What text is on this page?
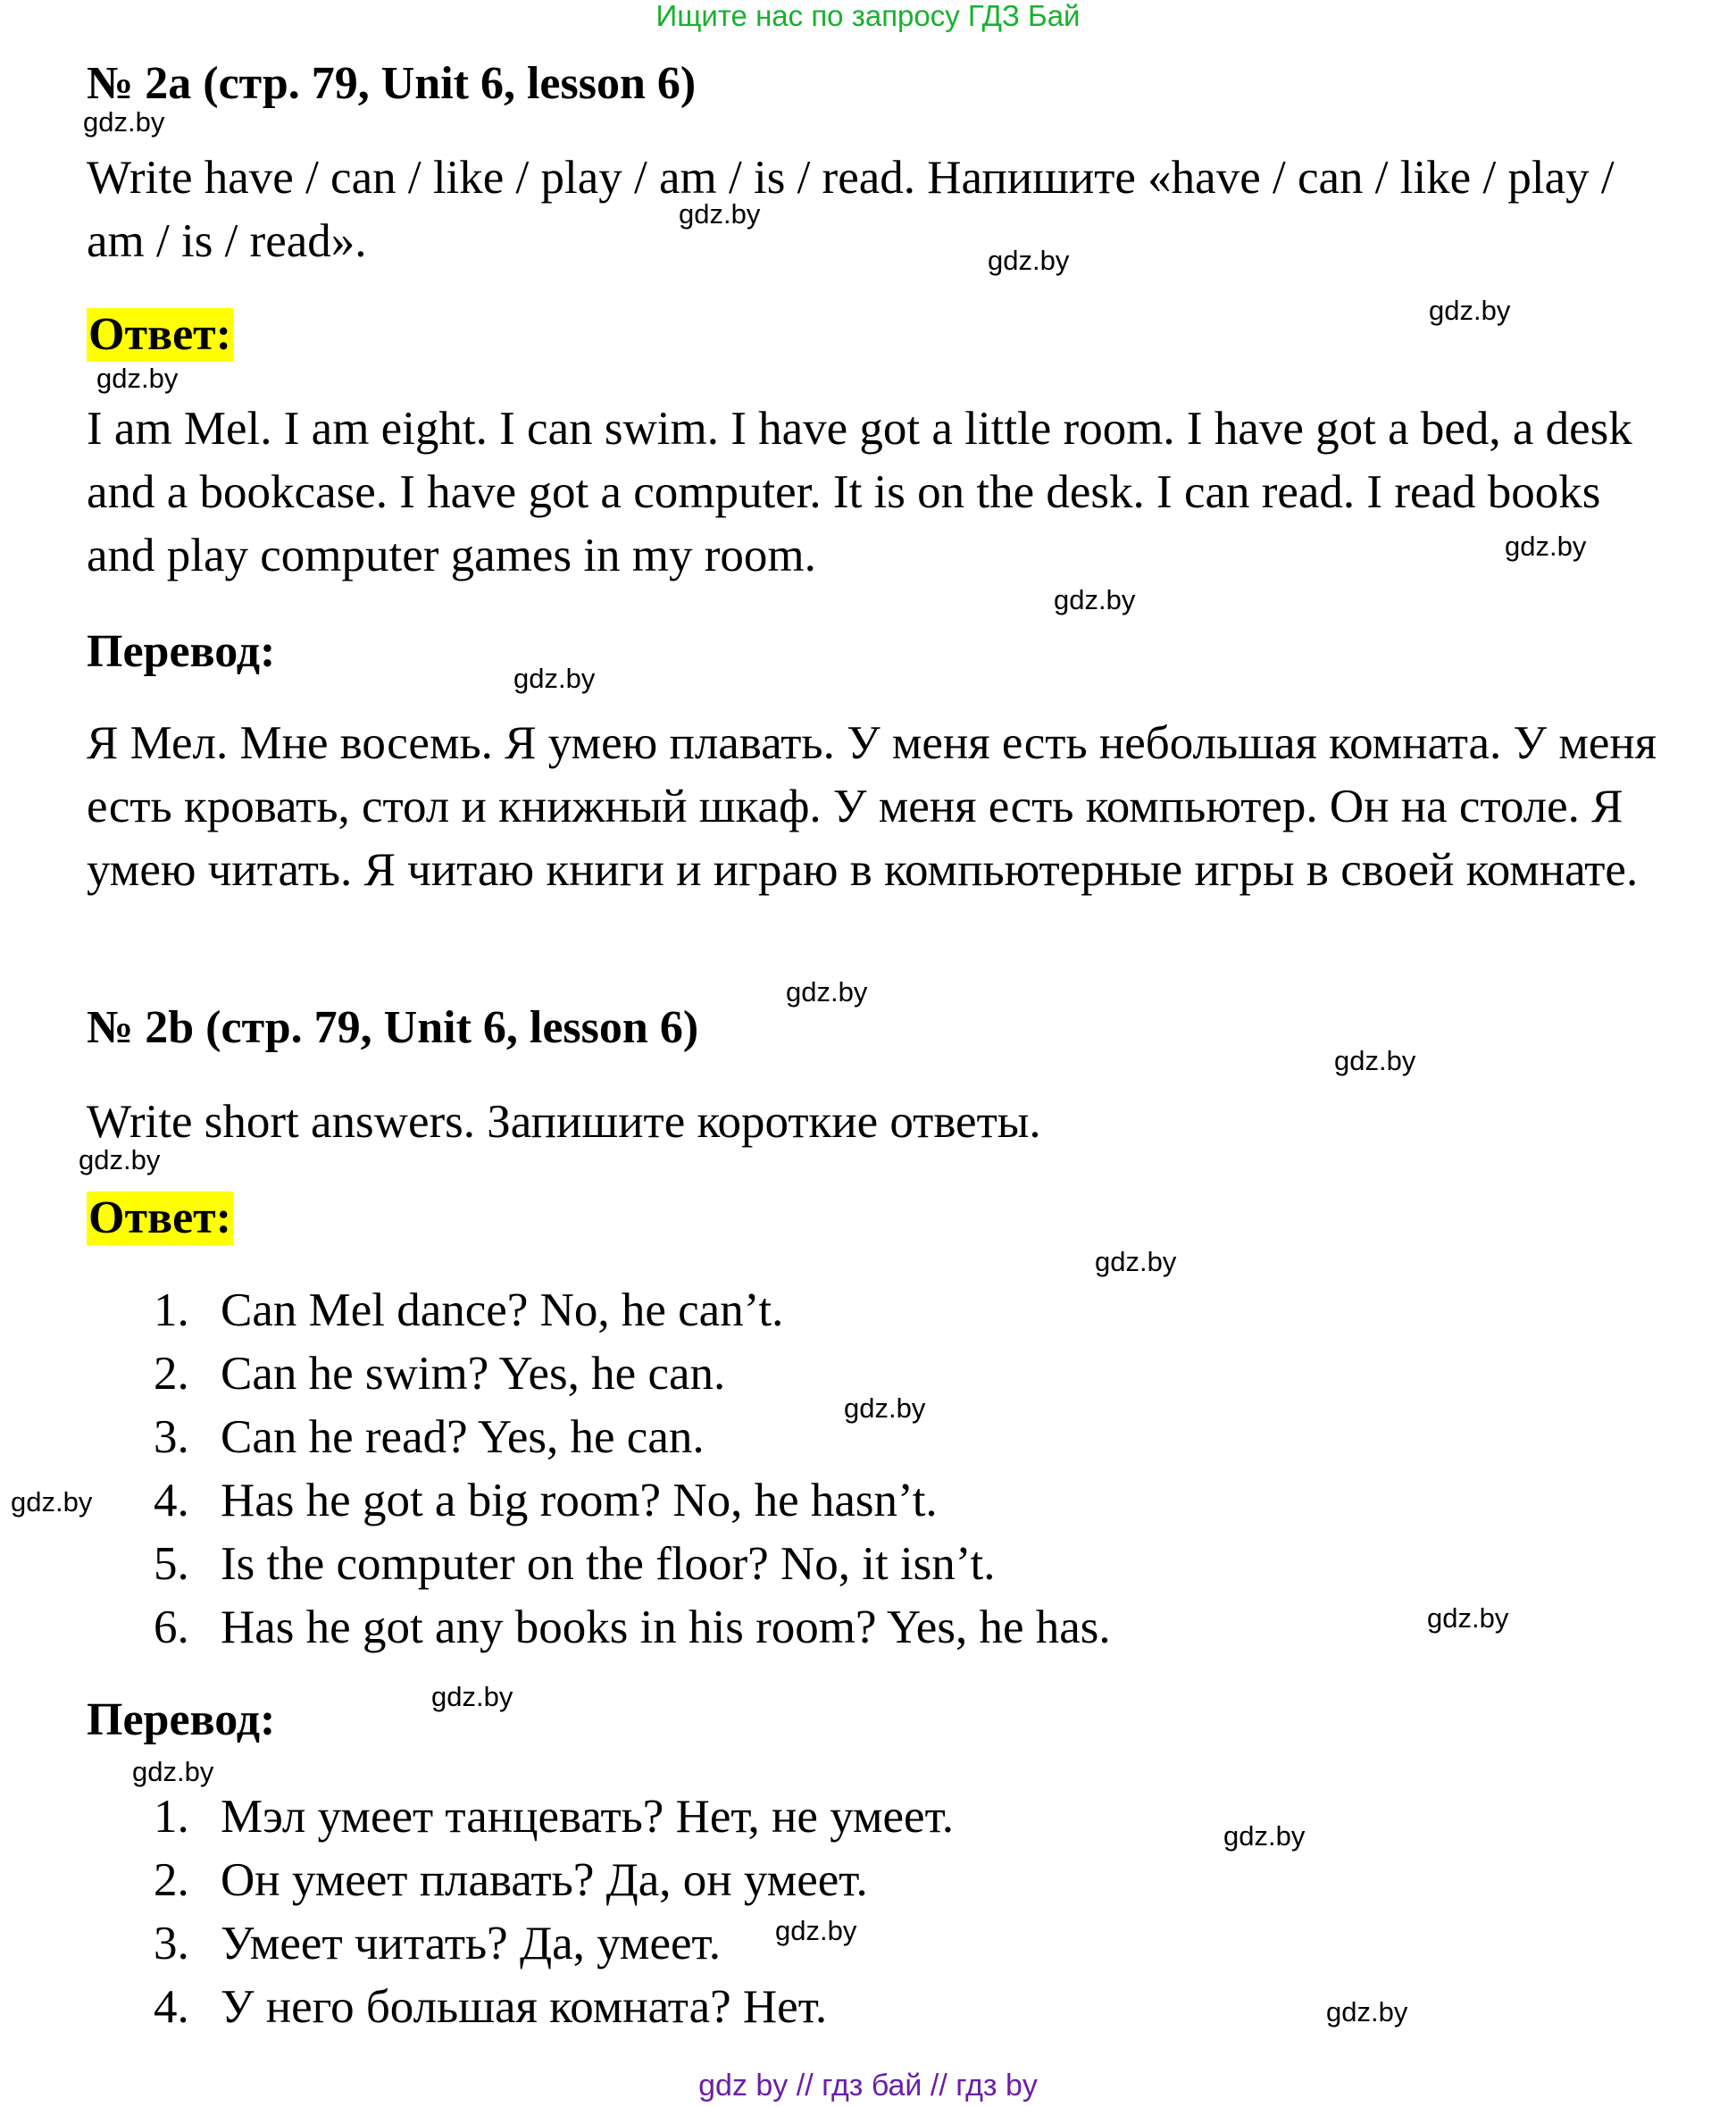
Ищите нас по запросу ГДЗ Бай
№ 2a (стр. 79, Unit 6, lesson 6)
Write have / can / like / play / am / is / read. Напишите «have / can / like / play / am / is / read».
Ответ:
I am Mel. I am eight. I can swim. I have got a little room. I have got a bed, a desk and a bookcase. I have got a computer. It is on the desk. I can read. I read books and play computer games in my room.
Перевод:
Я Мел. Мне восемь. Я умею плавать. У меня есть небольшая комната. У меня есть кровать, стол и книжный шкаф. У меня есть компьютер. Он на столе. Я умею читать. Я читаю книги и играю в компьютерные игры в своей комнате.
№ 2b (стр. 79, Unit 6, lesson 6)
Write short answers. Запишите короткие ответы.
Ответ:
1. Can Mel dance? No, he can’t.
2. Can he swim? Yes, he can.
3. Can he read? Yes, he can.
4. Has he got a big room? No, he hasn’t.
5. Is the computer on the floor? No, it isn’t.
6. Has he got any books in his room? Yes, he has.
Перевод:
1. Мэл умеет танцевать? Нет, не умеет.
2. Он умеет плавать? Да, он умеет.
3. Умеет читать? Да, умеет.
4. У него большая комната? Нет.
gdz.by
gdz.by
gdz.by
gdz.by
gdz.by
gdz.by
gdz.by
gdz.by
gdz.by
gdz.by
gdz.by
gdz.by
gdz.by
gdz.by
gdz.by
gdz.by
gdz.by
gdz.by
gdz.by
gdz.by
gdz by // гдз бай // гдз by
